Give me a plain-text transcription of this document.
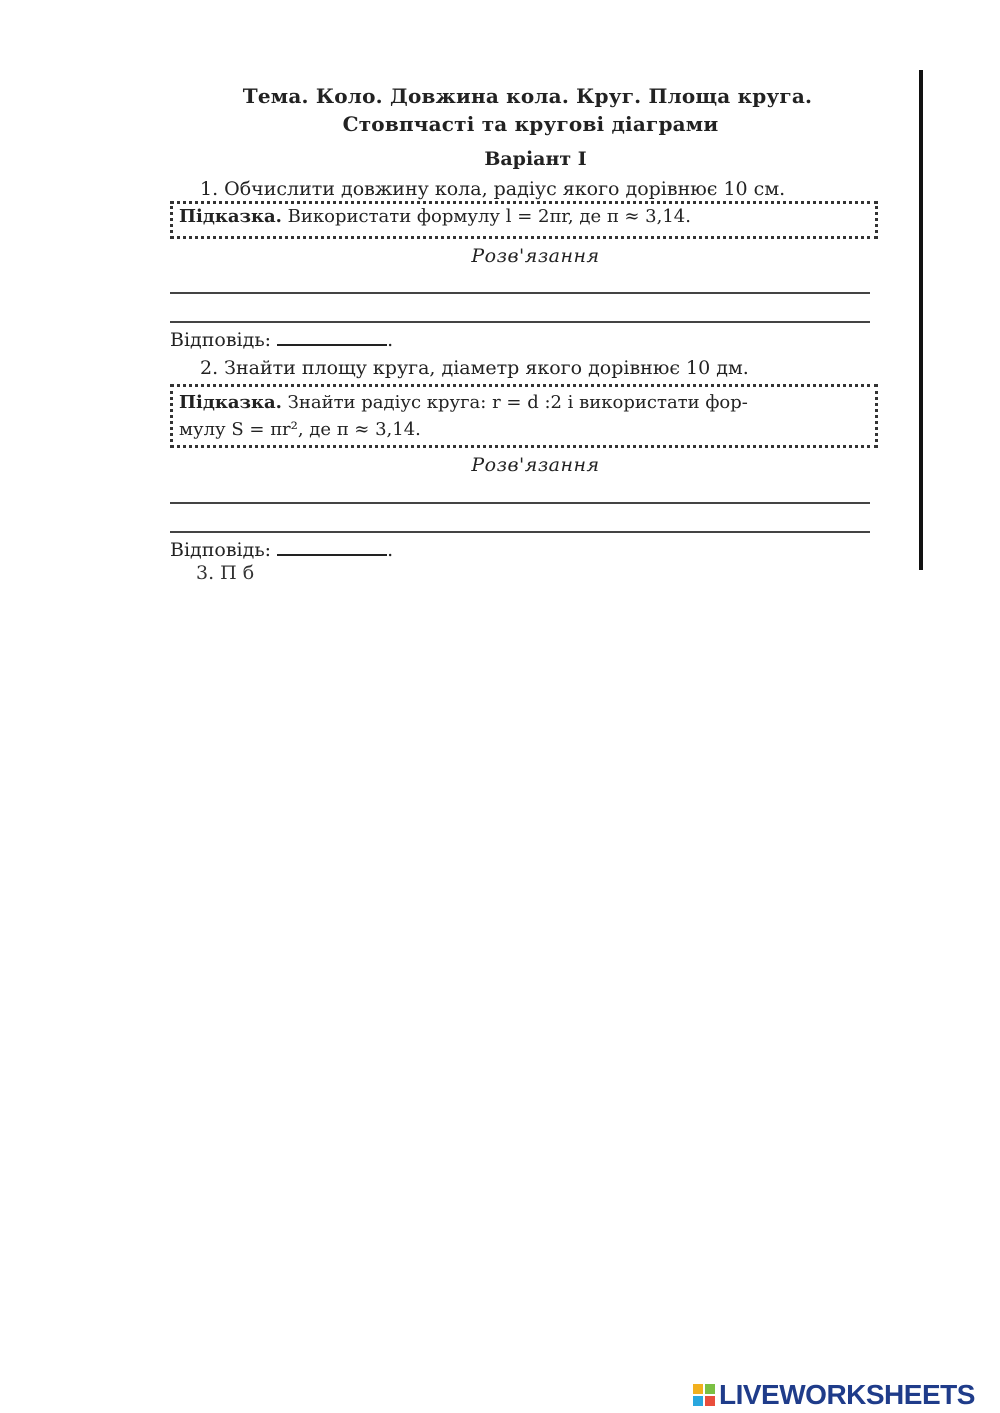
Тема. Коло. Довжина кола. Круг. Площа круга.
Стовпчасті та кругові діаграми
Варіант I
1. Обчислити довжину кола, радіус якого дорівнює 10 см.
Підказка. Використати формулу l = 2πr, де π ≈ 3,14.
Розв'язання
Відповідь:	.
2. Знайти площу круга, діаметр якого дорівнює 10 дм.
Підказка. Знайти радіус круга: r = d :2 і використати фор-
мулу S = πr², де π ≈ 3,14.
Розв'язання
Відповідь:	.
3. П б
LIVEWORKSHEETS
